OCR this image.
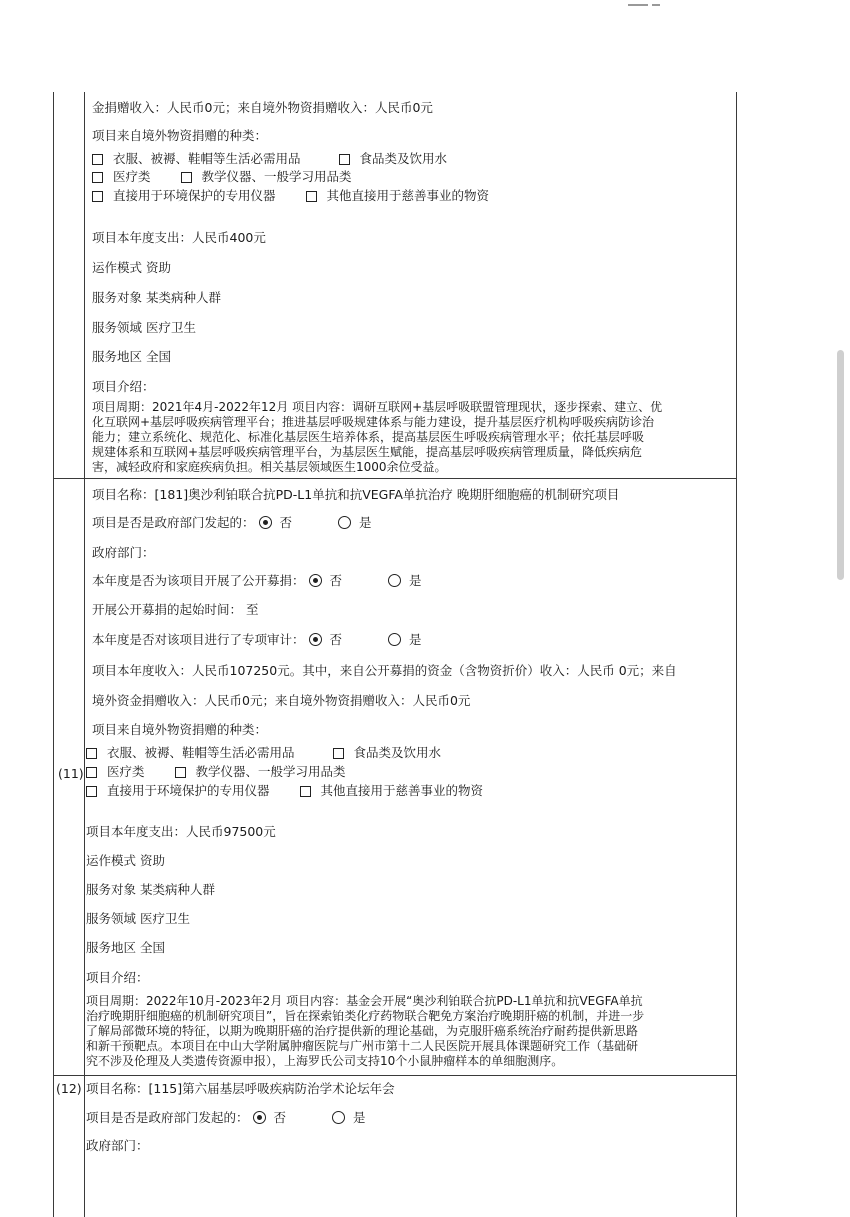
金捐赠收入：人民币0元；来自境外物资捐赠收入：人民币0元
项目来自境外物资捐赠的种类：
衣服、被褥、鞋帽等生活必需用品	食品类及饮用水
医疗类	教学仪器、一般学习用品类
直接用于环境保护的专用仪器	其他直接用于慈善事业的物资
项目本年度支出：人民币400元
运作模式 资助
服务对象 某类病种人群
服务领域 医疗卫生
服务地区 全国
项目介绍：
项目周期：2021年4月-2022年12月 项目内容：调研互联网+基层呼吸联盟管理现状，逐步探索、建立、优
化互联网+基层呼吸疾病管理平台；推进基层呼吸规建体系与能力建设，提升基层医疗机构呼吸疾病防诊治
能力；建立系统化、规范化、标准化基层医生培养体系，提高基层医生呼吸疾病管理水平；依托基层呼吸
规建体系和互联网+基层呼吸疾病管理平台，为基层医生赋能，提高基层呼吸疾病管理质量，降低疾病危
害，减轻政府和家庭疾病负担。相关基层领域医生1000余位受益。
(11)
项目名称：[181]奥沙利铂联合抗PD-L1单抗和抗VEGFA单抗治疗 晚期肝细胞癌的机制研究项目
项目是否是政府部门发起的： 否	是
政府部门：
本年度是否为该项目开展了公开募捐： 否	是
开展公开募捐的起始时间： 至
本年度是否对该项目进行了专项审计： 否	是
项目本年度收入：人民币107250元。其中，来自公开募捐的资金（含物资折价）收入：人民币 0元；来自
境外资金捐赠收入：人民币0元；来自境外物资捐赠收入：人民币0元
项目来自境外物资捐赠的种类：
衣服、被褥、鞋帽等生活必需用品	食品类及饮用水
医疗类	教学仪器、一般学习用品类
直接用于环境保护的专用仪器	其他直接用于慈善事业的物资
项目本年度支出：人民币97500元
运作模式 资助
服务对象 某类病种人群
服务领域 医疗卫生
服务地区 全国
项目介绍：
项目周期：2022年10月-2023年2月 项目内容：基金会开展“奥沙利铂联合抗PD-L1单抗和抗VEGFA单抗
治疗晚期肝细胞癌的机制研究项目”，旨在探索铂类化疗药物联合靶免方案治疗晚期肝癌的机制，并进一步
了解局部微环境的特征，以期为晚期肝癌的治疗提供新的理论基础，为克服肝癌系统治疗耐药提供新思路
和新干预靶点。本项目在中山大学附属肿瘤医院与广州市第十二人民医院开展具体课题研究工作（基础研
究不涉及伦理及人类遗传资源申报），上海罗氏公司支持10个小鼠肿瘤样本的单细胞测序。
(12) 项目名称：[115]第六届基层呼吸疾病防治学术论坛年会
项目是否是政府部门发起的： 否	是
政府部门：
